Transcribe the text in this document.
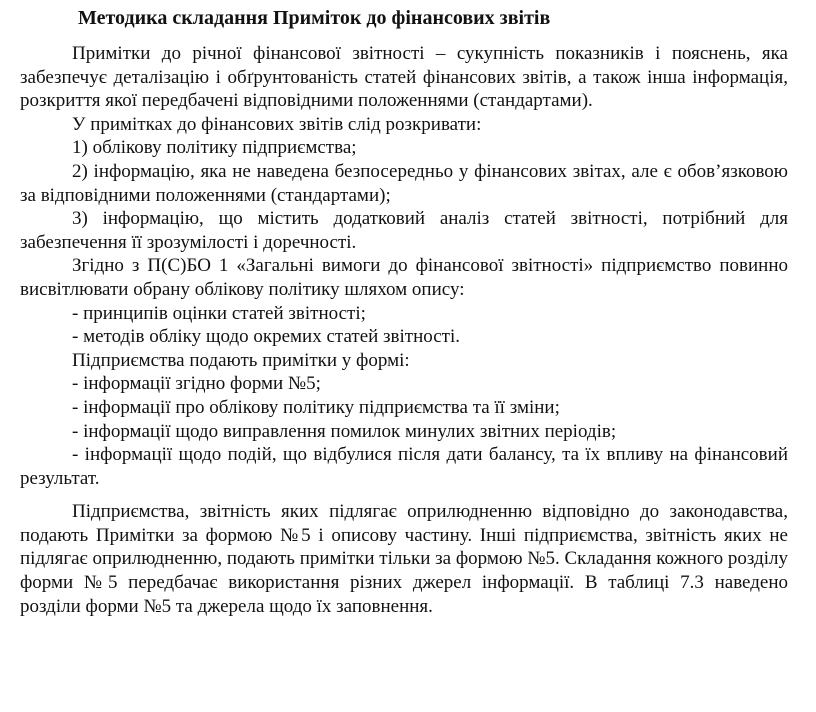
Методика складання Приміток до фінансових звітів

Примітки до річної фінансової звітності – сукупність показників і пояснень, яка забезпечує деталізацію і обґрунтованість статей фінансових звітів, а також інша інформація, розкриття якої передбачені відповідними положеннями (стандартами).

У примітках до фінансових звітів слід розкривати:

1) облікову політику підприємства;

2) інформацію, яка не наведена безпосередньо у фінансових звітах, але є обов’язковою за відповідними положеннями (стандартами);

3) інформацію, що містить додатковий аналіз статей звітності, потрібний для забезпечення її зрозумілості і доречності.

Згідно з П(С)БО 1 «Загальні вимоги до фінансової звітності» підприємство повинно висвітлювати обрану облікову політику шляхом опису:

- принципів оцінки статей звітності;

- методів обліку щодо окремих статей звітності.

Підприємства подають примітки у формі:

- інформації згідно форми №5;

- інформації про облікову політику підприємства та її зміни;

- інформації щодо виправлення помилок минулих звітних періодів;

- інформації щодо подій, що відбулися після дати балансу, та їх впливу на фінансовий результат.

Підприємства, звітність яких підлягає оприлюдненню відповідно до законодавства, подають Примітки за формою №5 і описову частину. Інші підприємства, звітність яких не підлягає оприлюдненню, подають примітки тільки за формою №5. Складання кожного розділу форми №5 передбачає використання різних джерел інформації. В таблиці 7.3 наведено розділи форми №5 та джерела щодо їх заповнення.
